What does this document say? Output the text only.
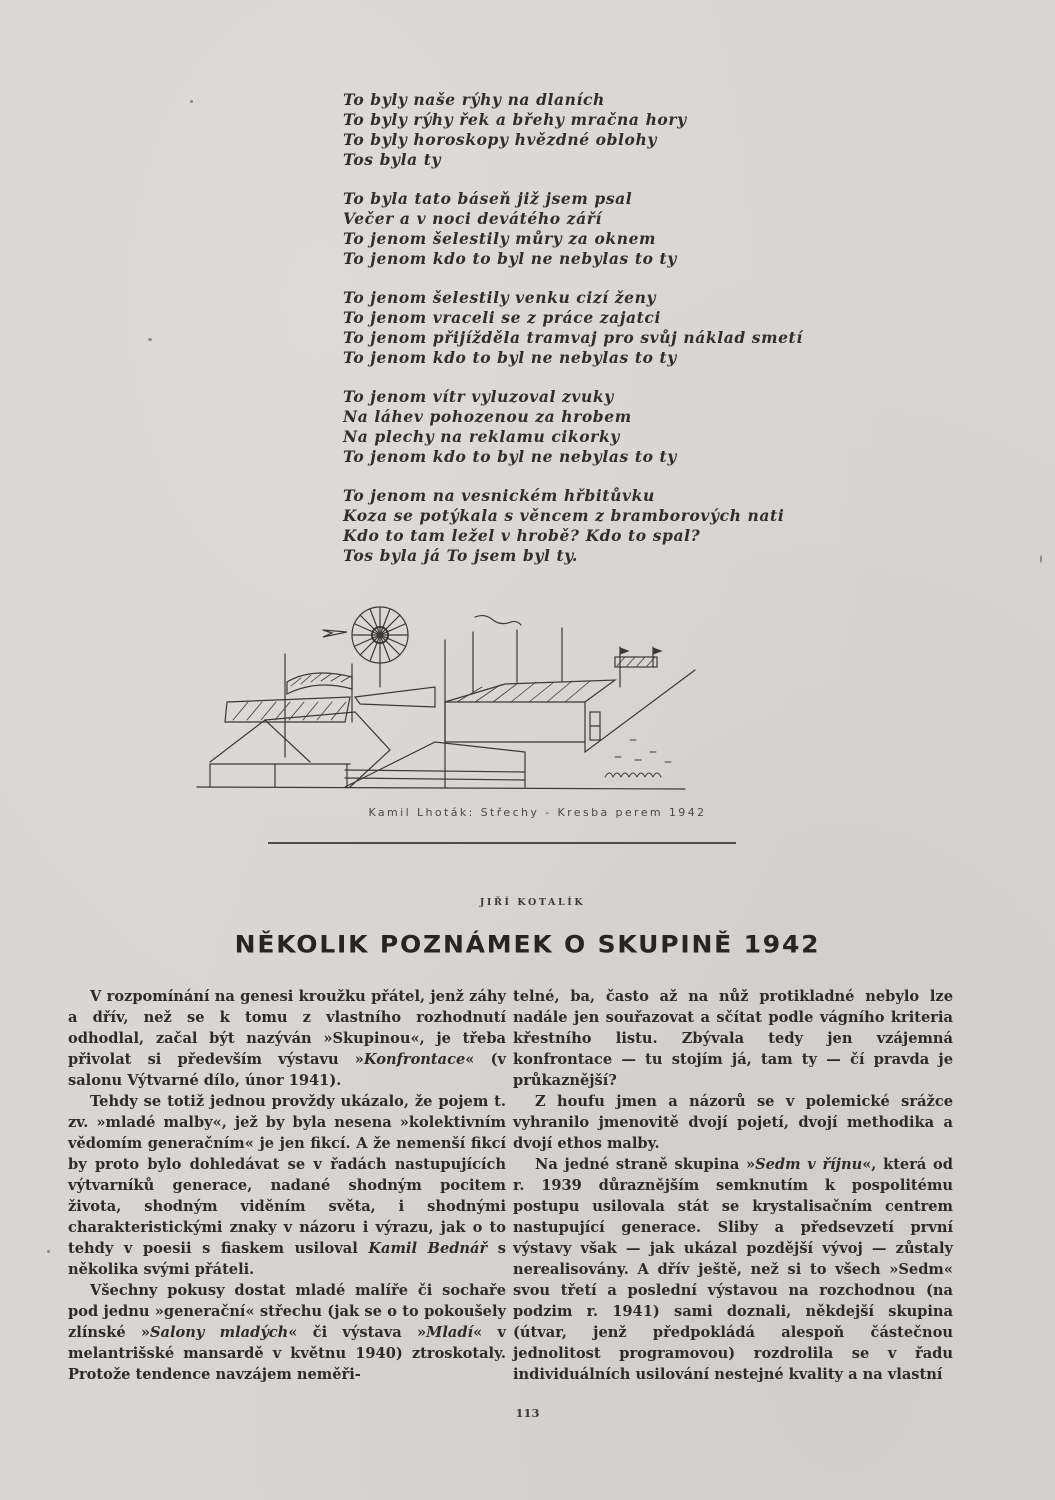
To byly naše rýhy na dlaních
To byly rýhy řek a břehy mračna hory
To byly horoskopy hvězdné oblohy
Tos byla ty
To byla tato báseň již jsem psal
Večer a v noci devátého září
To jenom šelestily můry za oknem
To jenom kdo to byl ne nebylas to ty
To jenom šelestily venku cizí ženy
To jenom vraceli se z práce zajatci
To jenom přijížděla tramvaj pro svůj náklad smetí
To jenom kdo to byl ne nebylas to ty
To jenom vítr vyluzoval zvuky
Na láhev pohozenou za hrobem
Na plechy na reklamu cikorky
To jenom kdo to byl ne nebylas to ty
To jenom na vesnickém hřbitůvku
Koza se potýkala s věncem z bramborových nati
Kdo to tam ležel v hrobě? Kdo to spal?
Tos byla já To jsem byl ty.
Kamil Lhoták: Střechy - Kresba perem 1942
JIŘÍ KOTALÍK
NĚKOLIK POZNÁMEK O SKUPINĚ 1942

V rozpomínání na genesi kroužku přátel, jenž záhy a dřív, než se k tomu z vlastního rozhodnutí odhodlal, začal být nazýván »Skupinou«, je třeba přivolat si především výstavu »Konfrontace« (v salonu Výtvarné dílo, únor 1941).

Tehdy se totiž jednou provždy ukázalo, že pojem t. zv. »mladé malby«, jež by byla nesena »kolektivním vědomím generačním« je jen fikcí. A že nemenší fikcí by proto bylo dohledávat se v řadách nastupujících výtvarníků generace, nadané shodným pocitem života, shodným viděním světa, i shodnými charakteristickými znaky v názoru i výrazu, jak o to tehdy v poesii s fiaskem usiloval Kamil Bednář s několika svými přáteli.

Všechny pokusy dostat mladé malíře či sochaře pod jednu »generační« střechu (jak se o to pokoušely zlínské »Salony mladých« či výstava »Mladí« v melantrišské mansardě v květnu 1940) ztroskotaly. Protože tendence navzájem neměři-

telné, ba, často až na nůž protikladné nebylo lze nadále jen souřazovat a sčítat podle vágního kriteria křestního listu. Zbývala tedy jen vzájemná konfrontace — tu stojím já, tam ty — čí pravda je průkaznější?

Z houfu jmen a názorů se v polemické srážce vyhranilo jmenovitě dvojí pojetí, dvojí methodika a dvojí ethos malby.

Na jedné straně skupina »Sedm v říjnu«, která od r. 1939 důraznějším semknutím k pospolitému postupu usilovala stát se krystalisačním centrem nastupující generace. Sliby a předsevzetí první výstavy však — jak ukázal pozdější vývoj — zůstaly nerealisovány. A dřív ještě, než si to všech »Sedm« svou třetí a poslední výstavou na rozchodnou (na podzim r. 1941) sami doznali, někdejší skupina (útvar, jenž předpokládá alespoň částečnou jednolitost programovou) rozdrolila se v řadu individuálních usilování nestejné kvality a na vlastní

113
